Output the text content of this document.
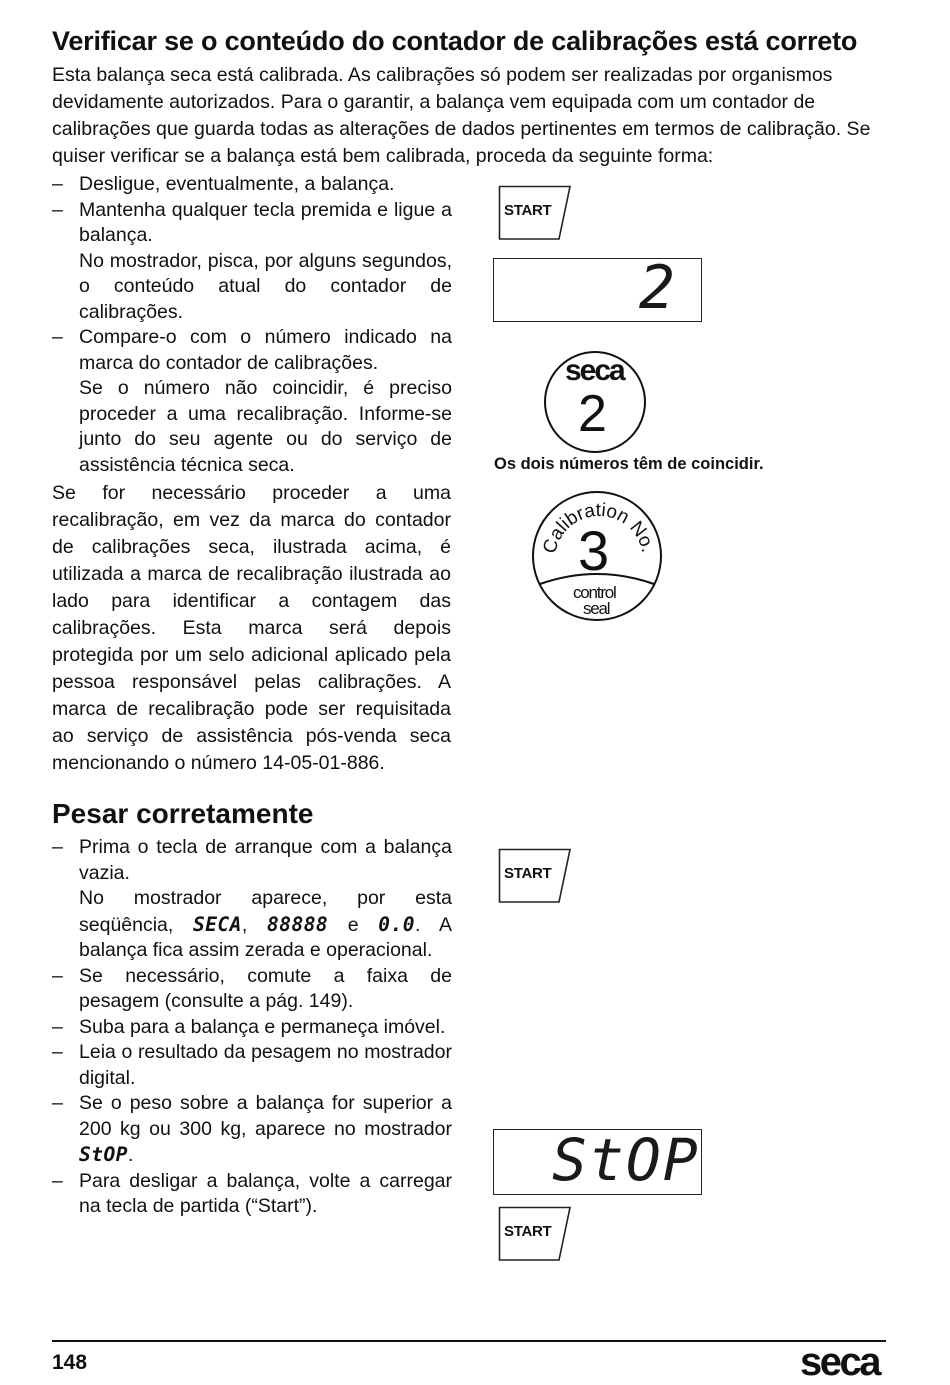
Verificar se o conteúdo do contador de calibrações está correto

Esta balança seca está calibrada. As calibrações só podem ser realizadas por organismos devidamente autorizados. Para o garantir, a balança vem equipada com um contador de calibrações que guarda todas as alterações de dados pertinentes em termos de calibração. Se quiser verificar se a balança está bem calibrada, proceda da seguinte forma:

– Desligue, eventualmente, a balança.

– Mantenha qualquer tecla premida e ligue a balança.

No mostrador, pisca, por alguns segundos, o conteúdo atual do contador de calibrações.

– Compare-o com o número indicado na marca do contador de calibrações.

Se o número não coincidir, é preciso proceder a uma recalibração. Informe-se junto do seu agente ou do serviço de assistência técnica seca.

Se for necessário proceder a uma recalibração, em vez da marca do contador de calibrações seca, ilustrada acima, é utilizada a marca de recalibração ilustrada ao lado para identificar a contagem das calibrações. Esta marca será depois protegida por um selo adicional aplicado pela pessoa responsável pelas calibrações. A marca de recalibração pode ser requisitada ao serviço de assistência pós-venda seca mencionando o número 14-05-01-886.

START
2
seca
2

Os dois números têm de coincidir.

Calibration No.
3
control
seal
Pesar corretamente
– Prima o tecla de arranque com a balança vazia.

No mostrador aparece, por esta seqüência, SECA, 88888 e 0.0. A balança fica assim zerada e operacional.

– Se necessário, comute a faixa de pesagem (consulte a pág. 149).

– Suba para a balança e permaneça imóvel.

– Leia o resultado da pesagem no mostrador digital.

– Se o peso sobre a balança for superior a 200 kg ou 300 kg, aparece no mostrador StOP.

– Para desligar a balança, volte a carregar na tecla de partida (“Start”).

START
StOP
START
148	seca
